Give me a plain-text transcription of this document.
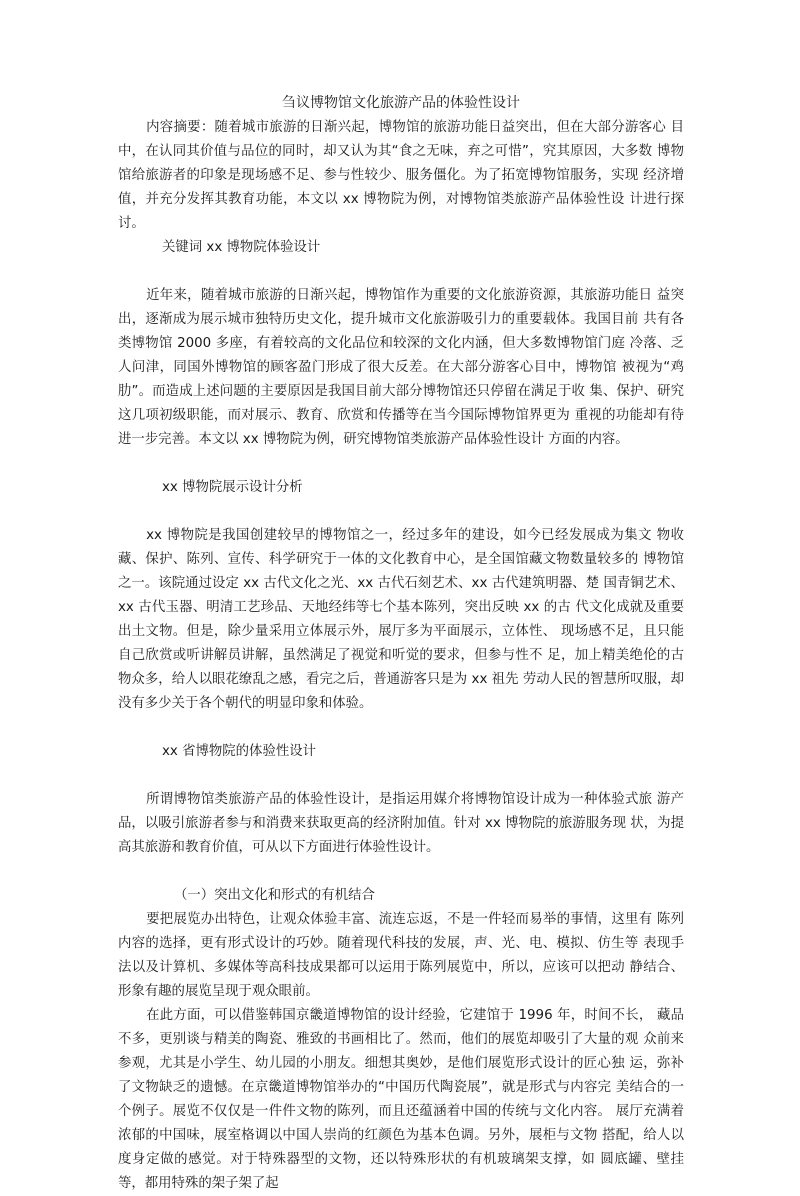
刍议博物馆文化旅游产品的体验性设计

内容摘要：随着城市旅游的日渐兴起，博物馆的旅游功能日益突出，但在大部分游客心 目中，在认同其价值与品位的同时，却又认为其“食之无味，弃之可惜”，究其原因，大多数 博物馆给旅游者的印象是现场感不足、参与性较少、服务僵化。为了拓宽博物馆服务，实现 经济增值，并充分发挥其教育功能，本文以 xx 博物院为例，对博物馆类旅游产品体验性设 计进行探讨。

关键词 xx 博物院体验设计

近年来，随着城市旅游的日渐兴起，博物馆作为重要的文化旅游资源，其旅游功能日 益突出，逐渐成为展示城市独特历史文化，提升城市文化旅游吸引力的重要载体。我国目前 共有各类博物馆 2000 多座，有着较高的文化品位和较深的文化内涵，但大多数博物馆门庭 冷落、乏人问津，同国外博物馆的顾客盈门形成了很大反差。在大部分游客心目中，博物馆 被视为“鸡肋”。而造成上述问题的主要原因是我国目前大部分博物馆还只停留在满足于收 集、保护、研究这几项初级职能，而对展示、教育、欣赏和传播等在当今国际博物馆界更为 重视的功能却有待进一步完善。本文以 xx 博物院为例，研究博物馆类旅游产品体验性设计 方面的内容。

xx 博物院展示设计分析

xx 博物院是我国创建较早的博物馆之一，经过多年的建设，如今已经发展成为集文 物收藏、保护、陈列、宣传、科学研究于一体的文化教育中心，是全国馆藏文物数量较多的 博物馆之一。该院通过设定 xx 古代文化之光、xx 古代石刻艺术、xx 古代建筑明器、楚 国青铜艺术、xx 古代玉器、明清工艺珍品、天地经纬等七个基本陈列，突出反映 xx 的古 代文化成就及重要出土文物。但是，除少量采用立体展示外，展厅多为平面展示，立体性、 现场感不足，且只能自己欣赏或听讲解员讲解，虽然满足了视觉和听觉的要求，但参与性不 足，加上精美绝伦的古物众多，给人以眼花缭乱之感，看完之后，普通游客只是为 xx 祖先 劳动人民的智慧所叹服，却没有多少关于各个朝代的明显印象和体验。

xx 省博物院的体验性设计

所谓博物馆类旅游产品的体验性设计，是指运用媒介将博物馆设计成为一种体验式旅 游产品，以吸引旅游者参与和消费来获取更高的经济附加值。针对 xx 博物院的旅游服务现 状，为提高其旅游和教育价值，可从以下方面进行体验性设计。

（一）突出文化和形式的有机结合

要把展览办出特色，让观众体验丰富、流连忘返，不是一件轻而易举的事情，这里有 陈列内容的选择，更有形式设计的巧妙。随着现代科技的发展，声、光、电、模拟、仿生等 表现手法以及计算机、多媒体等高科技成果都可以运用于陈列展览中，所以，应该可以把动 静结合、形象有趣的展览呈现于观众眼前。

在此方面，可以借鉴韩国京畿道博物馆的设计经验，它建馆于 1996 年，时间不长， 藏品不多，更别谈与精美的陶瓷、雅致的书画相比了。然而，他们的展览却吸引了大量的观 众前来参观，尤其是小学生、幼儿园的小朋友。细想其奥妙，是他们展览形式设计的匠心独 运，弥补了文物缺乏的遗憾。在京畿道博物馆举办的“中国历代陶瓷展”，就是形式与内容完 美结合的一个例子。展览不仅仅是一件件文物的陈列，而且还蕴涵着中国的传统与文化内容。 展厅充满着浓郁的中国味，展室格调以中国人崇尚的红颜色为基本色调。另外，展柜与文物 搭配，给人以度身定做的感觉。对于特殊器型的文物，还以特殊形状的有机玻璃架支撑，如 圆底罐、壁挂等，都用特殊的架子架了起
